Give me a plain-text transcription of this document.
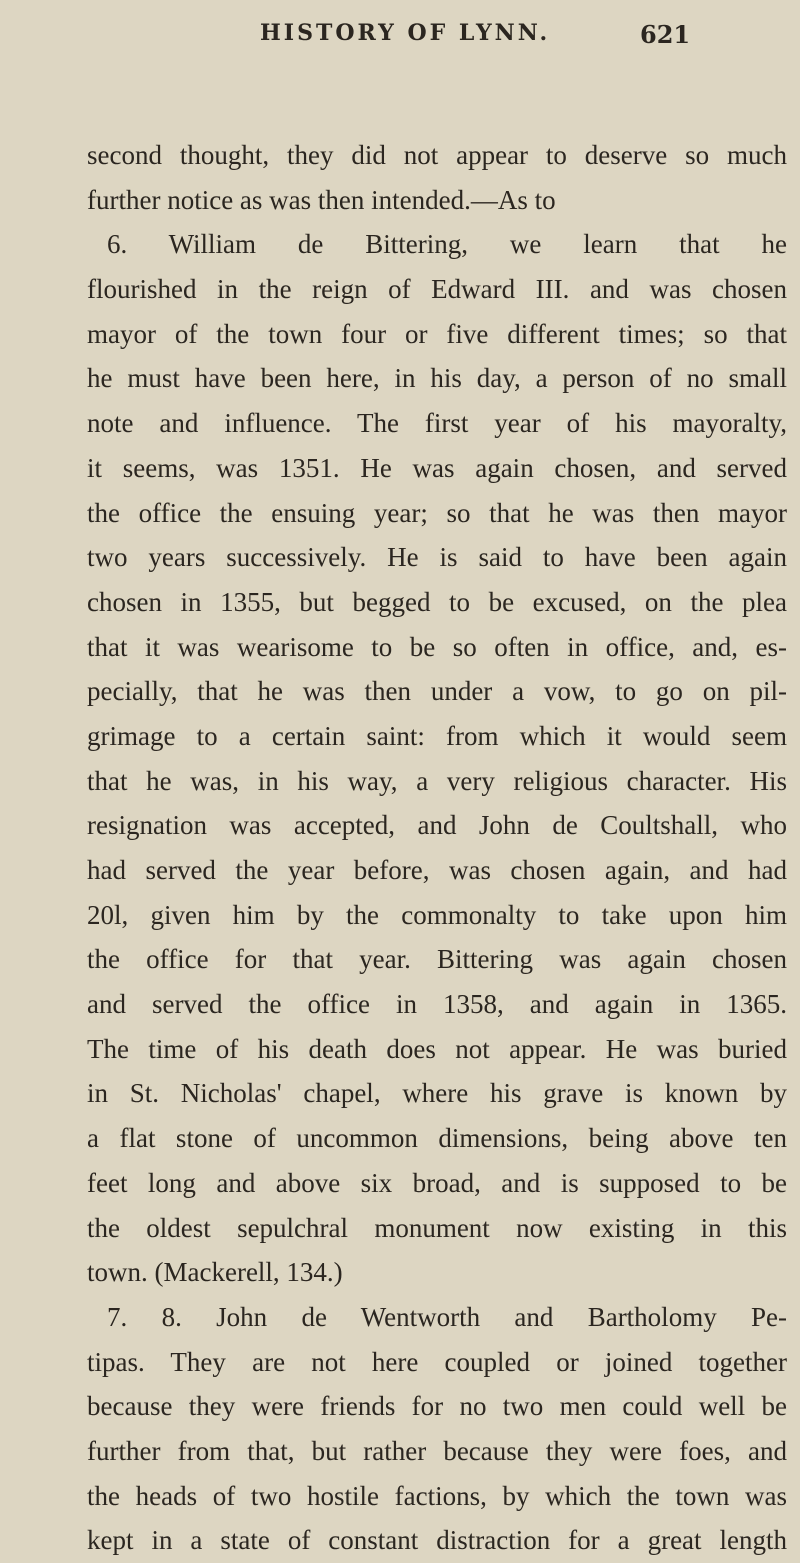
HISTORY OF LYNN.	621
second thought, they did not appear to deserve so much
further notice as was then intended.—As to
6. William de Bittering, we learn that he
flourished in the reign of Edward III. and was chosen
mayor of the town four or five different times; so that
he must have been here, in his day, a person of no small
note and influence. The first year of his mayoralty,
it seems, was 1351. He was again chosen, and served
the office the ensuing year; so that he was then mayor
two years successively. He is said to have been again
chosen in 1355, but begged to be excused, on the plea
that it was wearisome to be so often in office, and, es-
pecially, that he was then under a vow, to go on pil-
grimage to a certain saint: from which it would seem
that he was, in his way, a very religious character. His
resignation was accepted, and John de Coultshall, who
had served the year before, was chosen again, and had
20l, given him by the commonalty to take upon him
the office for that year. Bittering was again chosen
and served the office in 1358, and again in 1365.
The time of his death does not appear. He was buried
in St. Nicholas' chapel, where his grave is known by
a flat stone of uncommon dimensions, being above ten
feet long and above six broad, and is supposed to be
the oldest sepulchral monument now existing in this
town. (Mackerell, 134.)
7. 8. John de Wentworth and Bartholomy Pe-
tipas. They are not here coupled or joined together
because they were friends for no two men could well be
further from that, but rather because they were foes, and
the heads of two hostile factions, by which the town was
kept in a state of constant distraction for a great length
